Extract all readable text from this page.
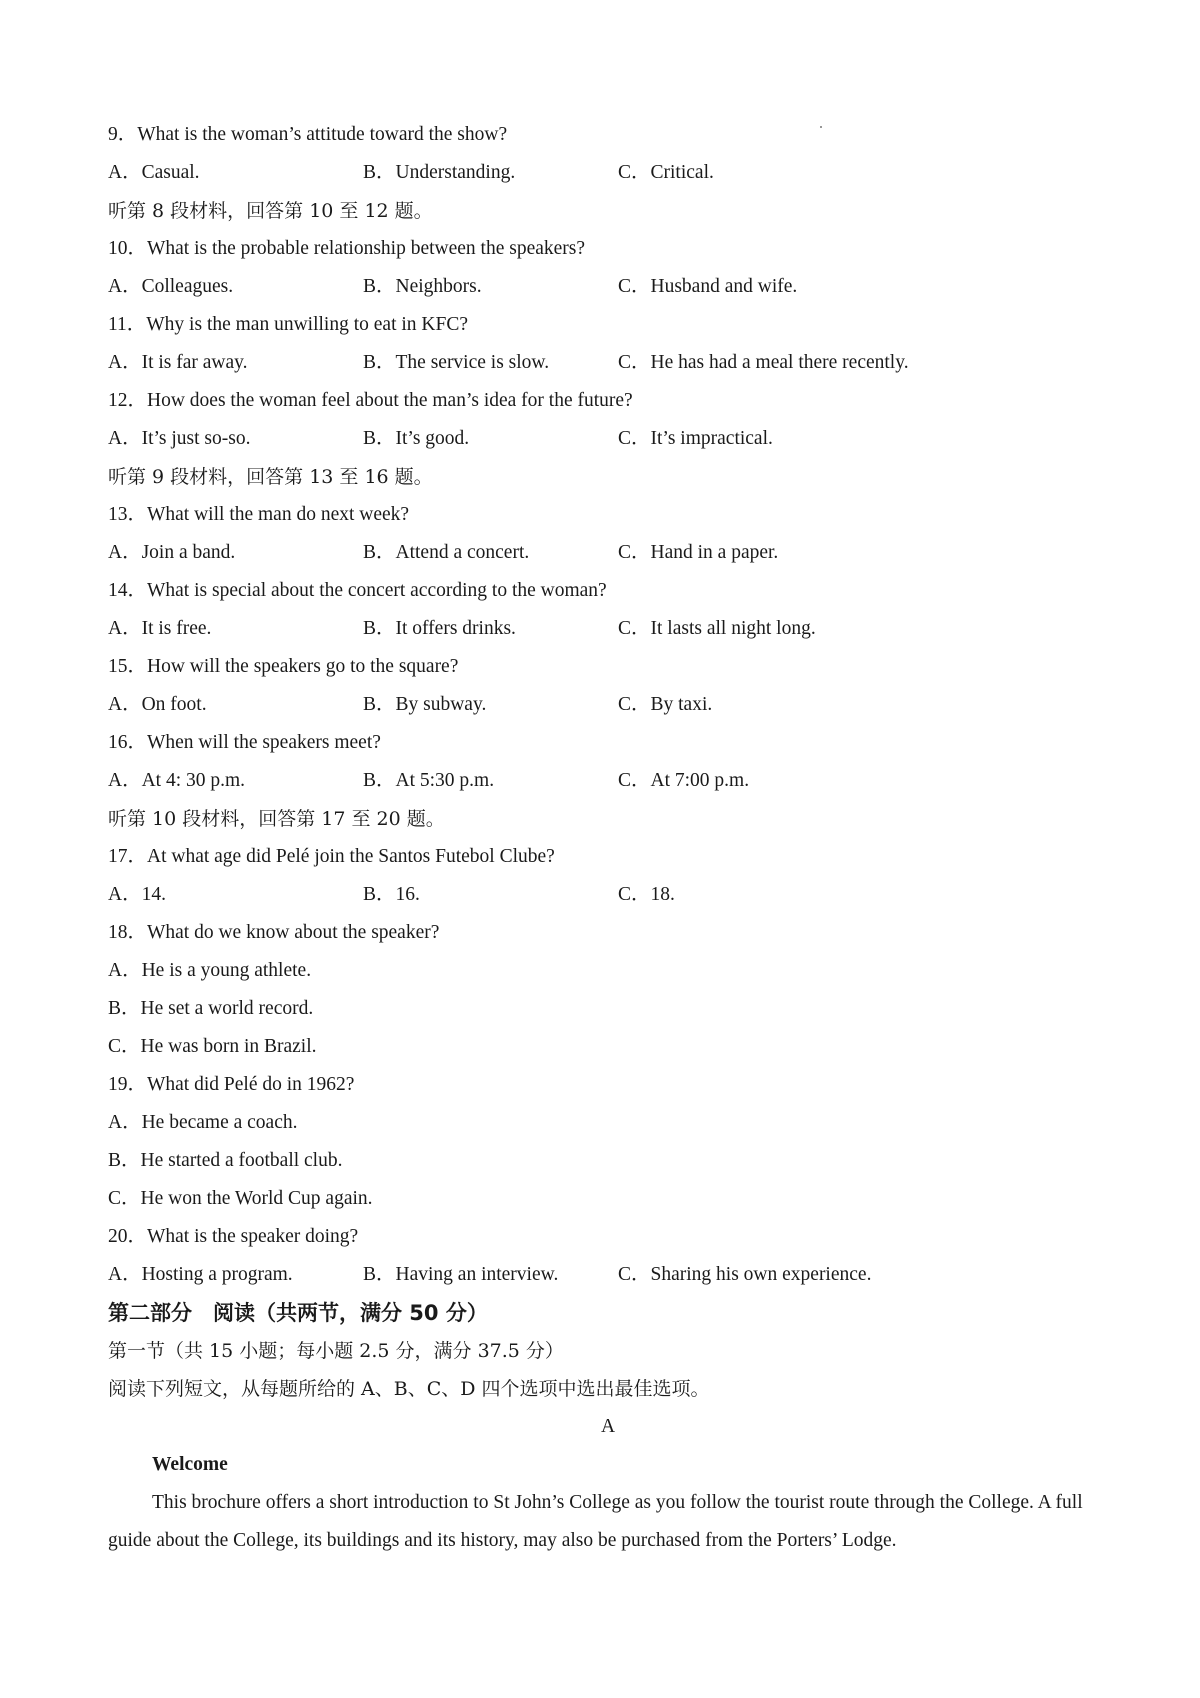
9．What is the woman’s attitude toward the show?
A．Casual.	B．Understanding.	C．Critical.
听第 8 段材料，回答第 10 至 12 题。
10．What is the probable relationship between the speakers?
A．Colleagues.	B．Neighbors.	C．Husband and wife.
11．Why is the man unwilling to eat in KFC?
A．It is far away.	B．The service is slow.	C．He has had a meal there recently.
12．How does the woman feel about the man’s idea for the future?
A．It’s just so-so.	B．It’s good.	C．It’s impractical.
听第 9 段材料，回答第 13 至 16 题。
13．What will the man do next week?
A．Join a band.	B．Attend a concert.	C．Hand in a paper.
14．What is special about the concert according to the woman?
A．It is free.	B．It offers drinks.	C．It lasts all night long.
15．How will the speakers go to the square?
A．On foot.	B．By subway.	C．By taxi.
16．When will the speakers meet?
A．At 4: 30 p.m.	B．At 5:30 p.m.	C．At 7:00 p.m.
听第 10 段材料，回答第 17 至 20 题。
17．At what age did Pelé join the Santos Futebol Clube?
A．14.	B．16.	C．18.
18．What do we know about the speaker?
A．He is a young athlete.
B．He set a world record.
C．He was born in Brazil.
19．What did Pelé do in 1962?
A．He became a coach.
B．He started a football club.
C．He won the World Cup again.
20．What is the speaker doing?
A．Hosting a program.	B．Having an interview.	C．Sharing his own experience.
第二部分　阅读（共两节，满分 50 分）
第一节（共 15 小题；每小题 2.5 分，满分 37.5 分）
阅读下列短文，从每题所给的 A、B、C、D 四个选项中选出最佳选项。
A
Welcome
This brochure offers a short introduction to St John’s College as you follow the tourist route through the College. A full guide about the College, its buildings and its history, may also be purchased from the Porters’ Lodge.
